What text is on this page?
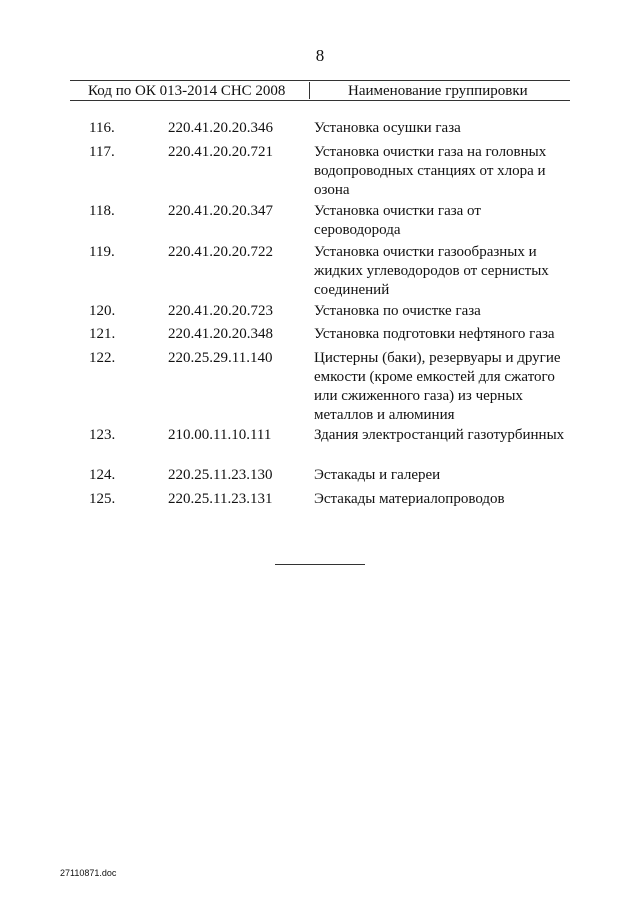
8
Код по ОК 013-2014 СНС 2008	Наименование группировки
116.	220.41.20.20.346	Установка осушки газа
117.	220.41.20.20.721	Установка очистки газа на головных водопроводных станциях от хлора и озона
118.	220.41.20.20.347	Установка очистки газа от сероводорода
119.	220.41.20.20.722	Установка очистки газообразных и жидких углеводородов от сернистых соединений
120.	220.41.20.20.723	Установка по очистке газа
121.	220.41.20.20.348	Установка подготовки нефтяного газа
122.	220.25.29.11.140	Цистерны (баки), резервуары и другие емкости (кроме емкостей для сжатого или сжиженного газа) из черных металлов и алюминия
123.	210.00.11.10.111	Здания электростанций газотурбинных
124.	220.25.11.23.130	Эстакады и галереи
125.	220.25.11.23.131	Эстакады материалопроводов
27110871.doc
